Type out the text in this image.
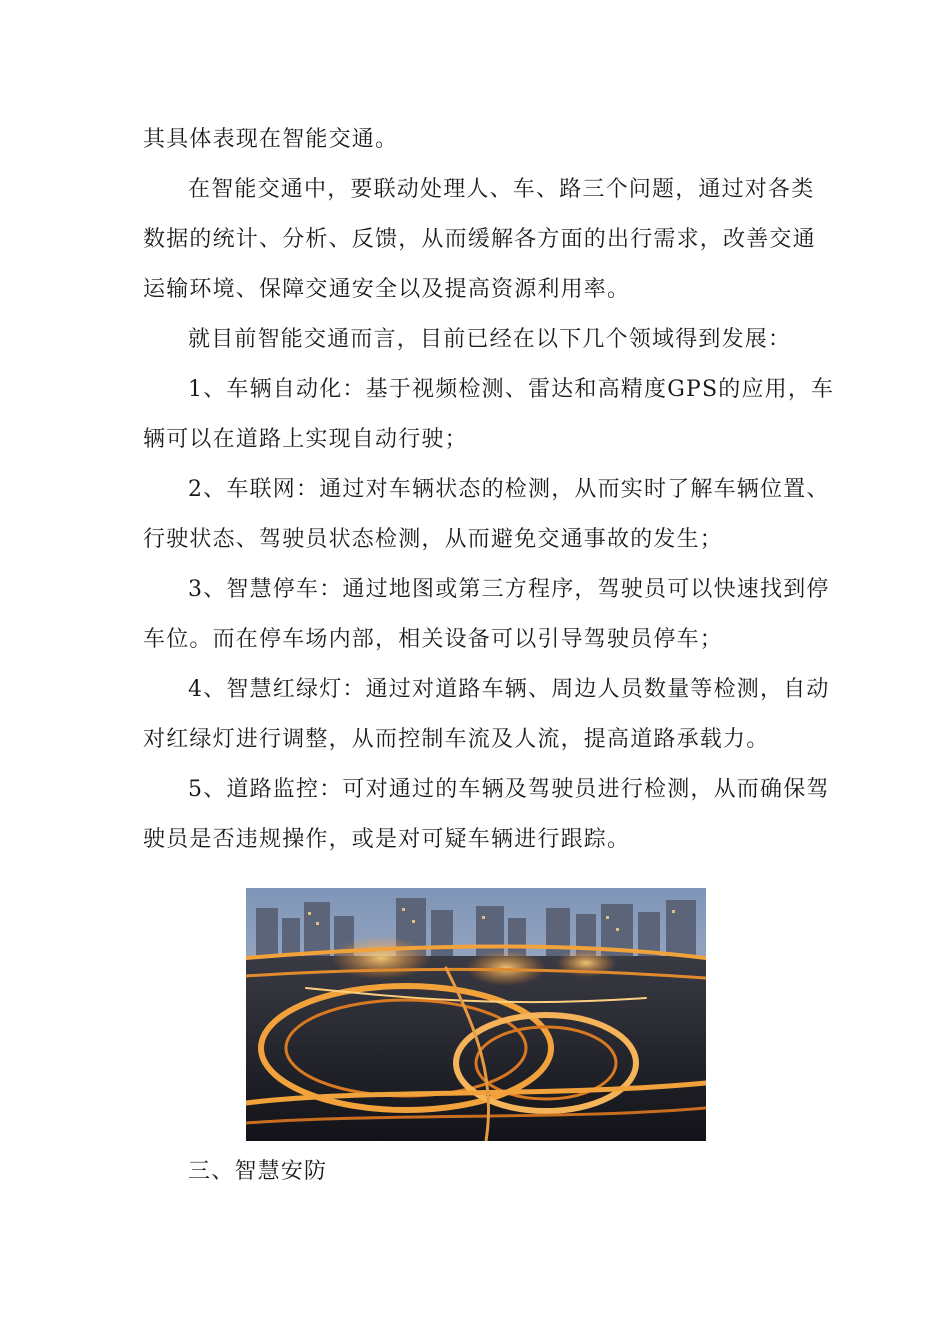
其具体表现在智能交通。
在智能交通中，要联动处理人、车、路三个问题，通过对各类
数据的统计、分析、反馈，从而缓解各方面的出行需求，改善交通
运输环境、保障交通安全以及提高资源利用率。
就目前智能交通而言，目前已经在以下几个领域得到发展：
1、车辆自动化：基于视频检测、雷达和高精度GPS的应用，车
辆可以在道路上实现自动行驶；
2、车联网：通过对车辆状态的检测，从而实时了解车辆位置、
行驶状态、驾驶员状态检测，从而避免交通事故的发生；
3、智慧停车：通过地图或第三方程序，驾驶员可以快速找到停
车位。而在停车场内部，相关设备可以引导驾驶员停车；
4、智慧红绿灯：通过对道路车辆、周边人员数量等检测，自动
对红绿灯进行调整，从而控制车流及人流，提高道路承载力。
5、道路监控：可对通过的车辆及驾驶员进行检测，从而确保驾
驶员是否违规操作，或是对可疑车辆进行跟踪。
三、智慧安防
